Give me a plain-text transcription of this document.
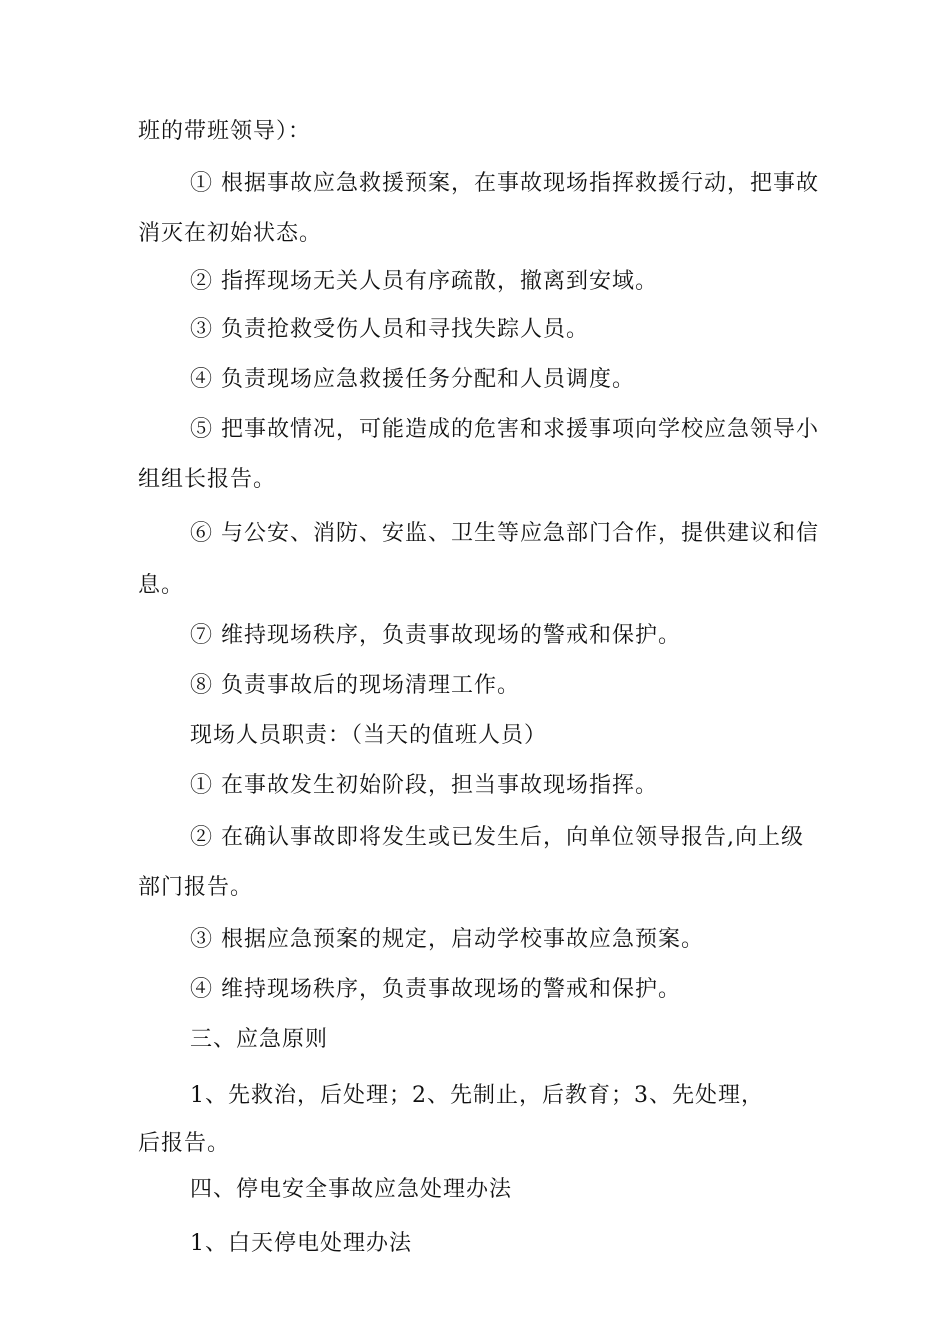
班的带班领导）：
① 根据事故应急救援预案，在事故现场指挥救援行动，把事故
消灭在初始状态。
② 指挥现场无关人员有序疏散，撤离到安域。
③ 负责抢救受伤人员和寻找失踪人员。
④ 负责现场应急救援任务分配和人员调度。
⑤ 把事故情况，可能造成的危害和求援事项向学校应急领导小
组组长报告。
⑥ 与公安、消防、安监、卫生等应急部门合作，提供建议和信
息。
⑦ 维持现场秩序，负责事故现场的警戒和保护。
⑧ 负责事故后的现场清理工作。
现场人员职责：（当天的值班人员）
① 在事故发生初始阶段，担当事故现场指挥。
② 在确认事故即将发生或已发生后，向单位领导报告,向上级
部门报告。
③ 根据应急预案的规定，启动学校事故应急预案。
④ 维持现场秩序，负责事故现场的警戒和保护。
三、应急原则
1、先救治，后处理；2、先制止，后教育；3、先处理，
后报告。
四、停电安全事故应急处理办法
1、白天停电处理办法
